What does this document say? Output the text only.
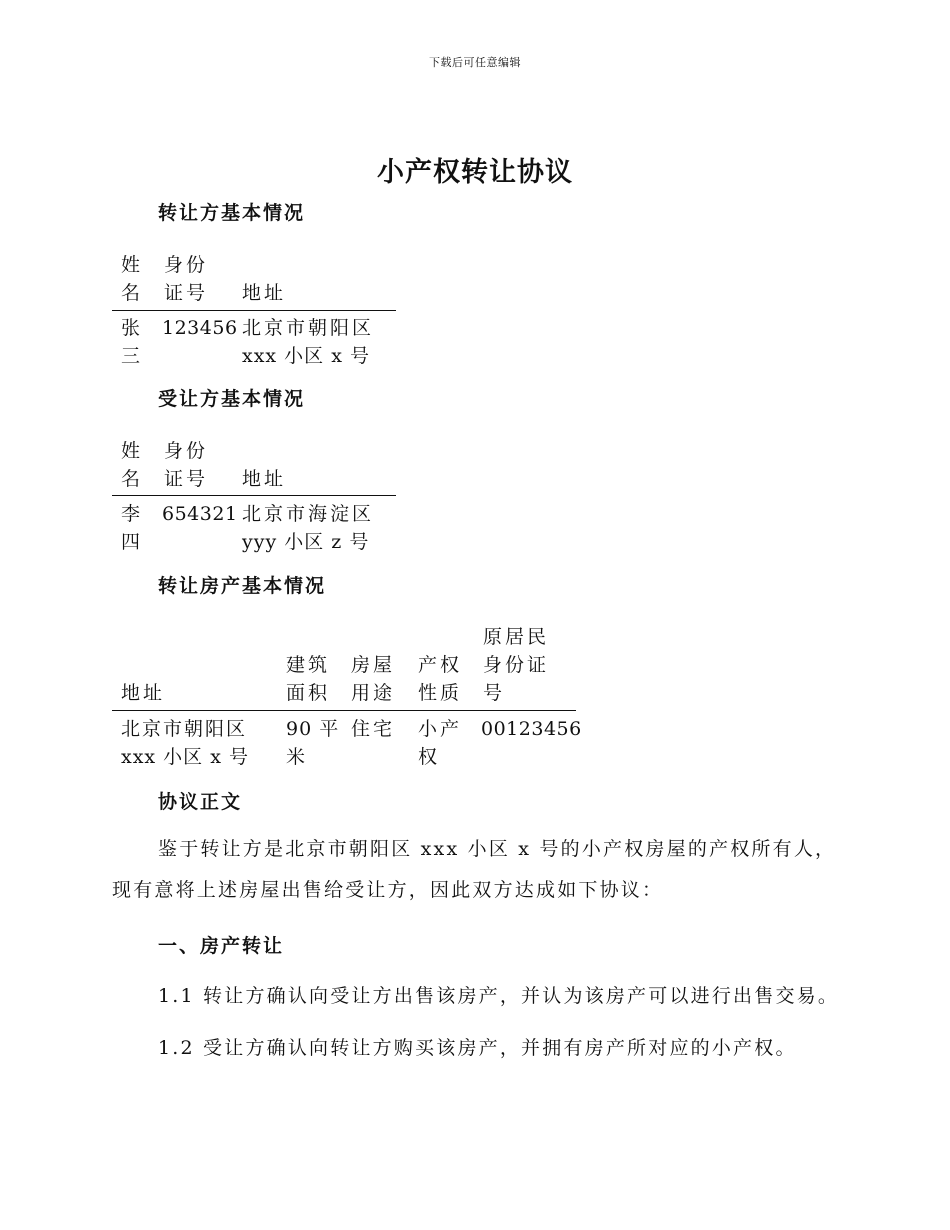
下载后可任意编辑
小产权转让协议
转让方基本情况
姓
名
身份
证号 地址
张
三
123456 北京市朝阳区
xxx 小区 x 号
受让方基本情况
姓
名
身份
证号 地址
李
四
654321 北京市海淀区
yyy 小区 z 号
转让房产基本情况
地址
建筑
面积
房屋
用途
产权
性质
原居民
身份证
号
北京市朝阳区
xxx 小区 x 号
90 平
米
住宅 小产
权
00123456
协议正文
鉴于转让方是北京市朝阳区 xxx 小区 x 号的小产权房屋的产权所有人，
现有意将上述房屋出售给受让方，因此双方达成如下协议：
一、房产转让
1.1 转让方确认向受让方出售该房产，并认为该房产可以进行出售交易。
1.2 受让方确认向转让方购买该房产，并拥有房产所对应的小产权。
